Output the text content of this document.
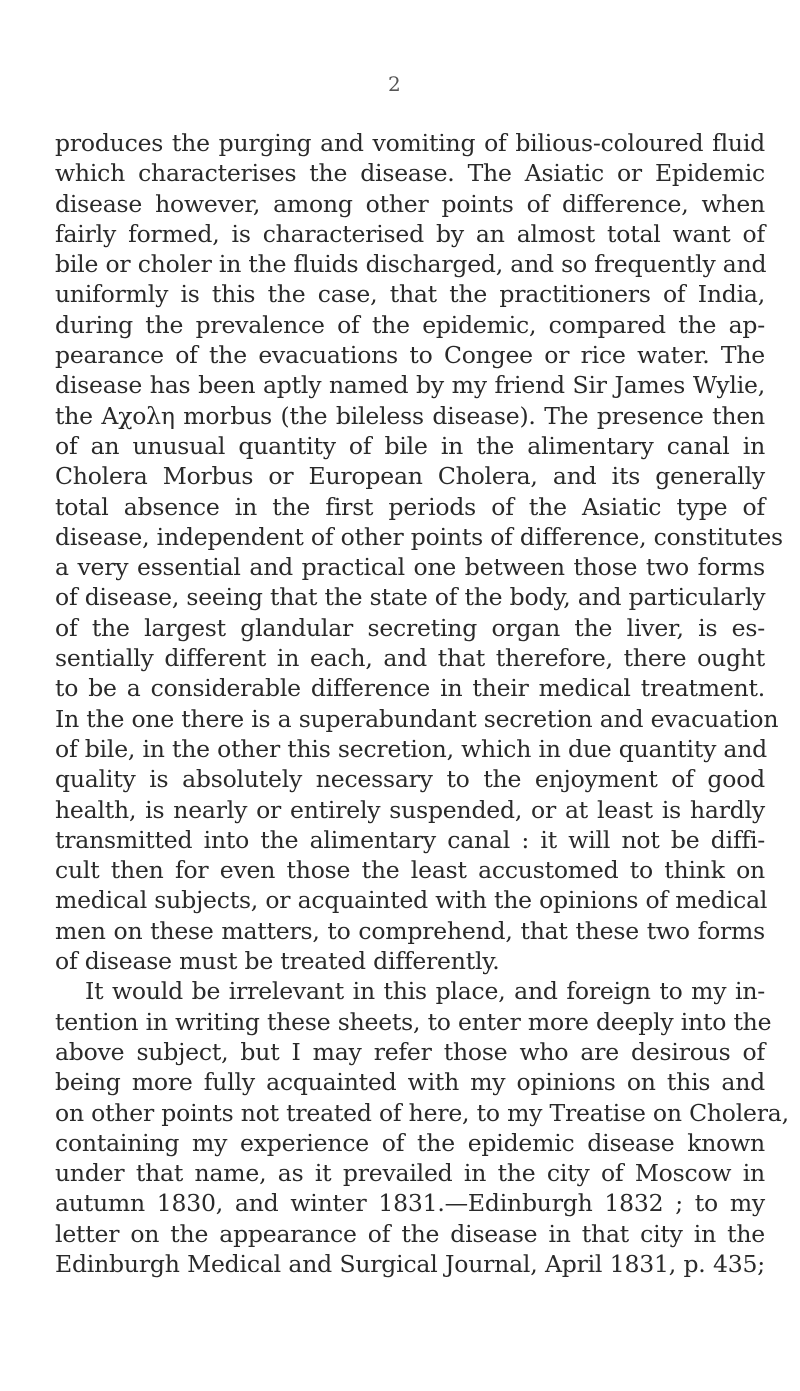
2
produces the purging and vomiting of bilious-coloured fluid
which characterises the disease. The Asiatic or Epidemic
disease however, among other points of difference, when
fairly formed, is characterised by an almost total want of
bile or choler in the fluids discharged, and so frequently and
uniformly is this the case, that the practitioners of India,
during the prevalence of the epidemic, compared the ap-
pearance of the evacuations to Congee or rice water. The
disease has been aptly named by my friend Sir James Wylie,
the Αχολη morbus (the bileless disease). The presence then
of an unusual quantity of bile in the alimentary canal in
Cholera Morbus or European Cholera, and its generally
total absence in the first periods of the Asiatic type of
disease, independent of other points of difference, constitutes
a very essential and practical one between those two forms
of disease, seeing that the state of the body, and particularly
of the largest glandular secreting organ the liver, is es-
sentially different in each, and that therefore, there ought
to be a considerable difference in their medical treatment.
In the one there is a superabundant secretion and evacuation
of bile, in the other this secretion, which in due quantity and
quality is absolutely necessary to the enjoyment of good
health, is nearly or entirely suspended, or at least is hardly
transmitted into the alimentary canal : it will not be diffi-
cult then for even those the least accustomed to think on
medical subjects, or acquainted with the opinions of medical
men on these matters, to comprehend, that these two forms
of disease must be treated differently.
It would be irrelevant in this place, and foreign to my in-
tention in writing these sheets, to enter more deeply into the
above subject, but I may refer those who are desirous of
being more fully acquainted with my opinions on this and
on other points not treated of here, to my Treatise on Cholera,
containing my experience of the epidemic disease known
under that name, as it prevailed in the city of Moscow in
autumn 1830, and winter 1831.—Edinburgh 1832 ; to my
letter on the appearance of the disease in that city in the
Edinburgh Medical and Surgical Journal, April 1831, p. 435;
